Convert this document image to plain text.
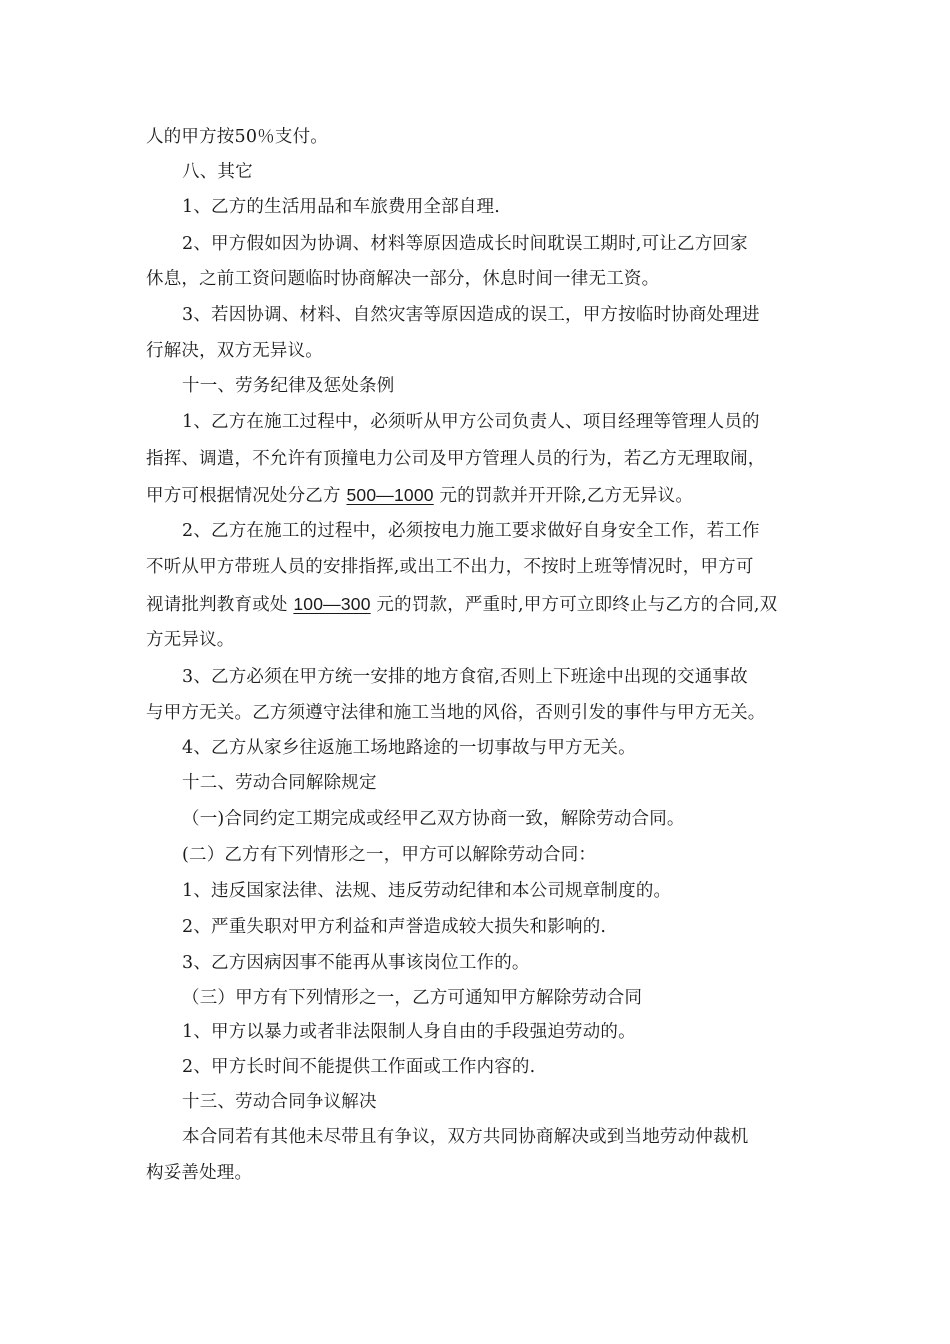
人的甲方按50％支付。
八、其它
1、乙方的生活用品和车旅费用全部自理.
2、甲方假如因为协调、材料等原因造成长时间耽误工期时,可让乙方回家
休息，之前工资问题临时协商解决一部分，休息时间一律无工资。
3、若因协调、材料、自然灾害等原因造成的误工，甲方按临时协商处理进
行解决，双方无异议。
十一、劳务纪律及惩处条例
1、乙方在施工过程中，必须听从甲方公司负责人、项目经理等管理人员的
指挥、调遣，不允许有顶撞电力公司及甲方管理人员的行为，若乙方无理取闹，
甲方可根据情况处分乙方 500—1000 元的罚款并开开除,乙方无异议。
2、乙方在施工的过程中，必须按电力施工要求做好自身安全工作，若工作
不听从甲方带班人员的安排指挥,或出工不出力，不按时上班等情况时，甲方可
视请批判教育或处 100—300 元的罚款，严重时,甲方可立即终止与乙方的合同,双
方无异议。
3、乙方必须在甲方统一安排的地方食宿,否则上下班途中出现的交通事故
与甲方无关。乙方须遵守法律和施工当地的风俗，否则引发的事件与甲方无关。
4、乙方从家乡往返施工场地路途的一切事故与甲方无关。
十二、劳动合同解除规定
（一)合同约定工期完成或经甲乙双方协商一致，解除劳动合同。
(二）乙方有下列情形之一，甲方可以解除劳动合同：
1、违反国家法律、法规、违反劳动纪律和本公司规章制度的。
2、严重失职对甲方利益和声誉造成较大损失和影响的.
3、乙方因病因事不能再从事该岗位工作的。
（三）甲方有下列情形之一，乙方可通知甲方解除劳动合同
1、甲方以暴力或者非法限制人身自由的手段强迫劳动的。
2、甲方长时间不能提供工作面或工作内容的.
十三、劳动合同争议解决
本合同若有其他未尽带且有争议，双方共同协商解决或到当地劳动仲裁机
构妥善处理。
